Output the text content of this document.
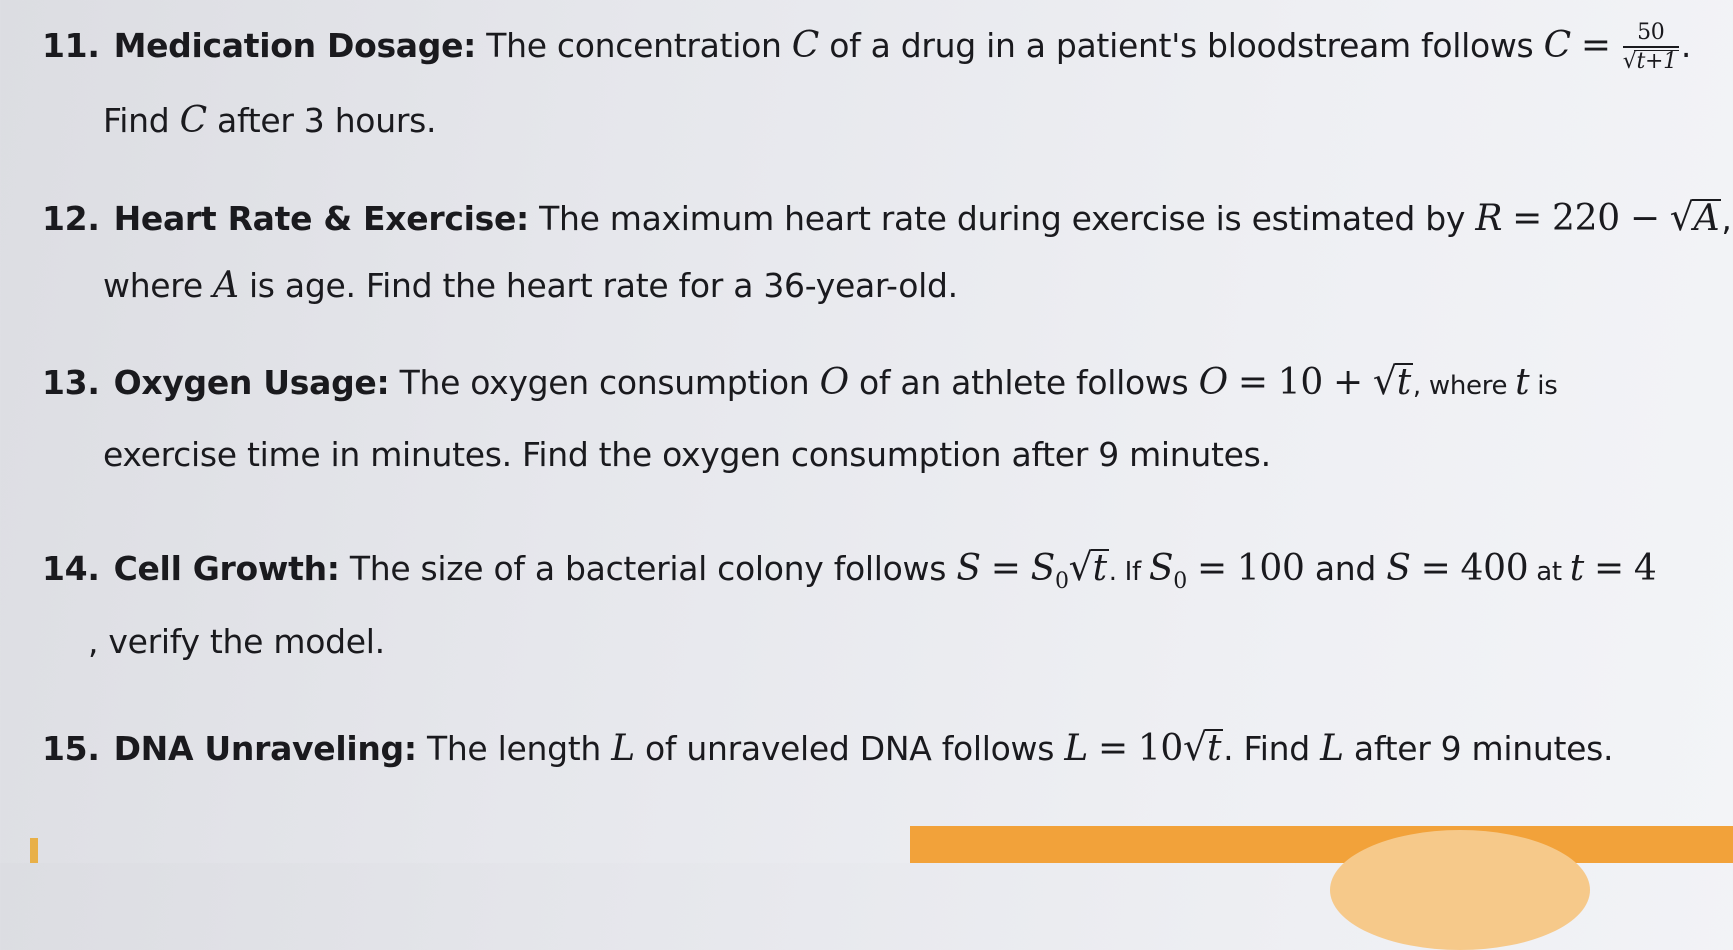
11. Medication Dosage: The concentration C of a drug in a patient's bloodstream follows $C = \frac{50}{√t+1}$ .
Find C after 3 hours.
12. Heart Rate & Exercise: The maximum heart rate during exercise is estimated by R = 220 − √A,
where A is age. Find the heart rate for a 36-year-old.
13. Oxygen Usage: The oxygen consumption O of an athlete follows O = 10 + √t, where t is
exercise time in minutes. Find the oxygen consumption after 9 minutes.
14. Cell Growth: The size of a bacterial colony follows $S = S_0√t$. If $S_0 = 100$ and S = 400 at t = 4
, verify the model.
15. DNA Unraveling: The length L of unraveled DNA follows L = 10√t. Find L after 9 minutes.
